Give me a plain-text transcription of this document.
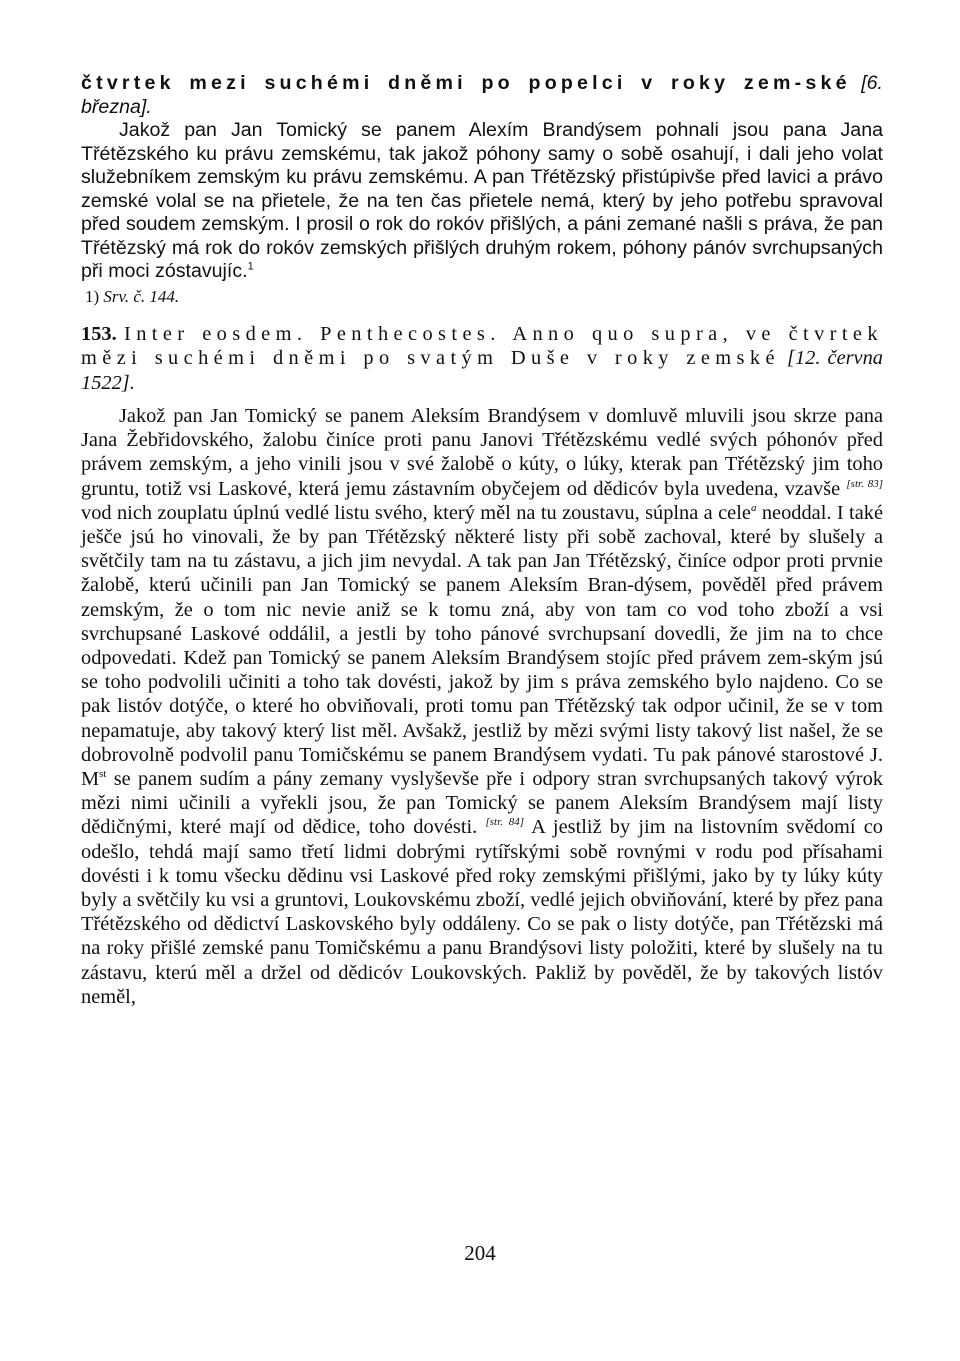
čtvrtek mezi suchémi dněmi po popelci v roky zem-ské [6. března].

Jakož pan Jan Tomický se panem Alexím Brandýsem pohnali jsou pana Jana Třétězského ku právu zemskému, tak jakož póhony samy o sobě osahují, i dali jeho volat služebníkem zemským ku právu zemskému. A pan Třétězský přistúpivše před lavici a právo zemské volal se na přietele, že na ten čas přietele nemá, který by jeho potřebu spravoval před soudem zemským. I prosil o rok do rokóv přišlých, a páni zemané našli s práva, že pan Třétězský má rok do rokóv zemských přišlých druhým rokem, póhony pánóv svrchupsaných při moci zóstavujíc.$^1$

1) Srv. č. 144.

153. Inter eosdem. Penthecostes. Anno quo supra, ve čtvrtek mězi suchémi dněmi po svatým Duše v roky zemské [12. června 1522].

Jakož pan Jan Tomický se panem Aleksím Brandýsem v domluvě mluvili jsou skrze pana Jana Žebřidovského, žalobu činíce proti panu Janovi Třétězskému vedlé svých póhonóv před právem zemským, a jeho vinili jsou v své žalobě o kúty, o lúky, kterak pan Třétězský jim toho gruntu, totiž vsi Laskové, která jemu zástavním obyčejem od dědicóv byla uvedena, vzavše [str. 83] vod nich zouplatu úplnú vedlé listu svého, který měl na tu zoustavu, súplna a cele$^a$ neoddal. I také ješče jsú ho vinovali, že by pan Třétězský některé listy při sobě zachoval, které by slušely a světčily tam na tu zástavu, a jich jim nevydal. A tak pan Jan Třétězský, činíce odpor proti prvnie žalobě, kterú učinili pan Jan Tomický se panem Aleksím Bran-dýsem, pověděl před právem zemským, že o tom nic nevie aniž se k tomu zná, aby von tam co vod toho zboží a vsi svrchupsané Laskové oddálil, a jestli by toho pánové svrchupsaní dovedli, že jim na to chce odpovedati. Kdež pan Tomický se panem Aleksím Brandýsem stojíc před právem zem-ským jsú se toho podvolili učiniti a toho tak dovésti, jakož by jim s práva zemského bylo najdeno. Co se pak listóv dotýče, o které ho obviňovali, proti tomu pan Třétězský tak odpor učinil, že se v tom nepamatuje, aby takový který list měl. Avšakž, jestliž by mězi svými listy takový list našel, že se dobrovolně podvolil panu Tomičskému se panem Brandýsem vydati. Tu pak pánové starostové J. Mst se panem sudím a pány zemany vyslyševše pře i odpory stran svrchupsaných takový výrok mězi nimi učinili a vyřekli jsou, že pan Tomický se panem Aleksím Brandýsem mají listy dědičnými, které mají od dědice, toho dovésti. [str. 84] A jestliž by jim na listovním svědomí co odešlo, tehdá mají samo třetí lidmi dobrými rytířskými sobě rovnými v rodu pod přísahami dovésti i k tomu všecku dědinu vsi Laskové před roky zemskými přišlými, jako by ty lúky kúty byly a světčily ku vsi a gruntovi, Loukovskému zboží, vedlé jejich obviňování, které by přez pana Třétězského od dědictví Laskovského byly oddáleny. Co se pak o listy dotýče, pan Třétězski má na roky přišlé zemské panu Tomičskému a panu Brandýsovi listy položiti, které by slušely na tu zástavu, kterú měl a držel od dědicóv Loukovských. Pakliž by pověděl, že by takových listóv neměl,

204
